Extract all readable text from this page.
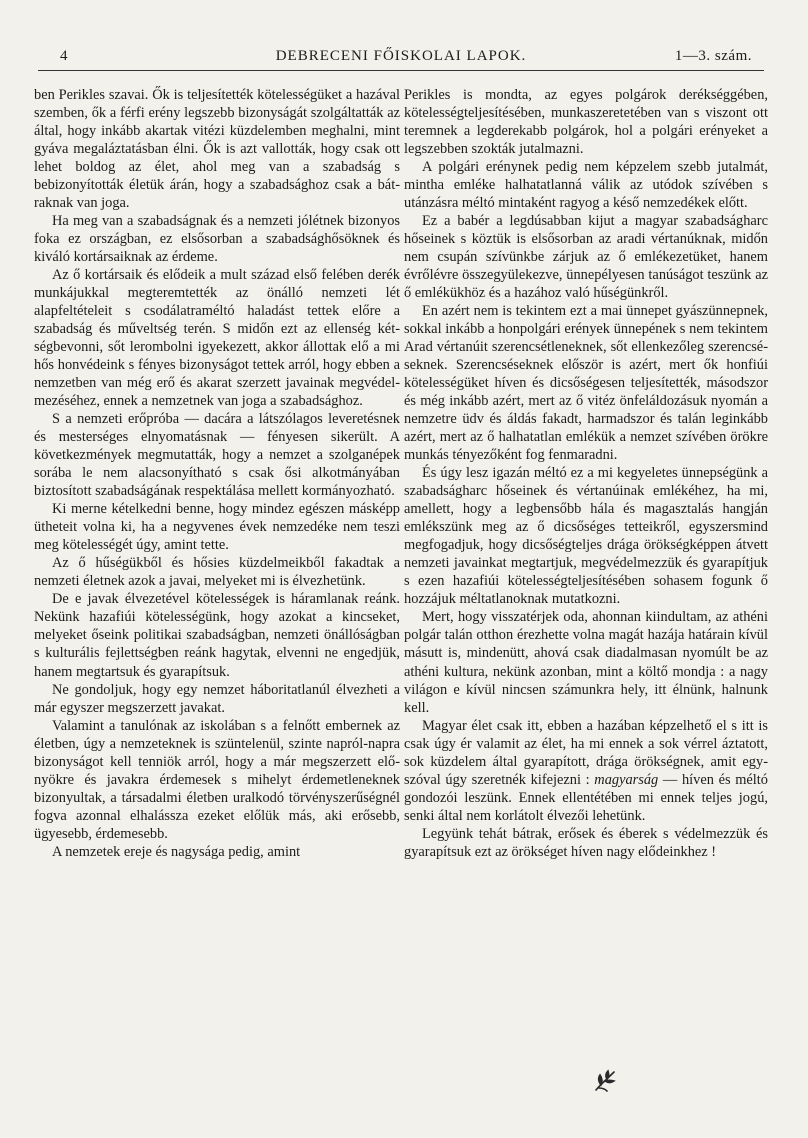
4	DEBRECENI FŐISKOLAI LAPOK.	1—3. szám.

ben Perikles szavai. Ők is teljesítették kötelességüket a hazával szemben, ők a férfi erény legszebb bizonyságát szolgáltatták az által, hogy inkább akartak vitézi küzdelemben meghalni, mint gyáva megaláztatásban élni. Ők is azt vallották, hogy csak ott lehet boldog az élet, ahol meg van a szabadság s bebizonyították életük árán, hogy a szabadsághoz csak a bátraknak van joga.

Ha meg van a szabadságnak és a nemzeti jólétnek bizonyos foka ez országban, ez elsősorban a szabadsághősöknek és kiváló kortársaiknak az érdeme.

Az ő kortársaik és elődeik a mult század első felében derék munkájukkal megteremtették az önálló nemzeti lét alapfeltételeit s csodálatraméltó haladást tettek előre a szabadság és műveltség terén. S midőn ezt az ellenség kétségbevonni, sőt lerombolni igyekezett, akkor állottak elő a mi hős honvédeink s fényes bizonyságot tettek arról, hogy ebben a nemzetben van még erő és akarat szerzett javainak megvédelmezéséhez, ennek a nemzetnek van joga a szabadsághoz.

S a nemzeti erőpróba — dacára a látszólagos leveretésnek és mesterséges elnyomatásnak — fényesen sikerült. A következmények megmutatták, hogy a nemzet a szolganépek sorába le nem alacsonyítható s csak ősi alkotmányában biztosított szabadságának respektálása mellett kormányozható.

Ki merne kételkedni benne, hogy mindez egészen másképp ütheteit volna ki, ha a negyvenes évek nemzedéke nem teszi meg kötelességét úgy, amint tette.

Az ő hűségükből és hősies küzdelmeikből fakadtak a nemzeti életnek azok a javai, melyeket mi is élvezhetünk.

De e javak élvezetével kötelességek is háramlanak reánk. Nekünk hazafiúi kötelességünk, hogy azokat a kincseket, melyeket őseink politikai szabadságban, nemzeti önállóságban s kulturális fejlettségben reánk hagytak, elvenni ne engedjük, hanem megtartsuk és gyarapítsuk.

Ne gondoljuk, hogy egy nemzet háboritatlanúl élvezheti a már egyszer megszerzett javakat.

Valamint a tanulónak az iskolában s a felnőtt embernek az életben, úgy a nemzeteknek is szüntelenül, szinte napról-napra bizonyságot kell tenniök arról, hogy a már megszerzett előnyökre és javakra érdemesek s mihelyt érdemetleneknek bizonyultak, a társadalmi életben uralkodó törvényszerűségnél fogva azonnal elhalássza ezeket előlük más, aki erősebb, ügyesebb, érdemesebb.

A nemzetek ereje és nagysága pedig, amint

Perikles is mondta, az egyes polgárok derékséggében, kötelességteljesítésében, munkaszeretetében van s viszont ott teremnek a legderekabb polgárok, hol a polgári erényeket a legszebben szokták jutalmazni.

A polgári erénynek pedig nem képzelem szebb jutalmát, mintha emléke halhatatlanná válik az utódok szívében s utánzásra méltó mintaként ragyog a késő nemzedékek előtt.

Ez a babér a legdúsabban kijut a magyar szabadságharc hőseinek s köztük is elsősorban az aradi vértanúknak, midőn nem csupán szívünkbe zárjuk az ő emlékezetüket, hanem évrőlévre összegyülekezve, ünnepélyesen tanúságot teszünk az ő emlékükhöz és a hazához való hűségünkről.

En azért nem is tekintem ezt a mai ünnepet gyászünnepnek, sokkal inkább a honpolgári erények ünnepének s nem tekintem Arad vértanúit szerencsétleneknek, sőt ellenkezőleg szerencséseknek. Szerencséseknek először is azért, mert ők honfiúi kötelességüket híven és dicsőségesen teljesítették, másodszor és még inkább azért, mert az ő vitéz önfeláldozásuk nyomán a nemzetre üdv és áldás fakadt, harmadszor és talán leginkább azért, mert az ő halhatatlan emlékük a nemzet szívében örökre munkás tényezőként fog fenmaradni.

És úgy lesz igazán méltó ez a mi kegyeletes ünnepségünk a szabadságharc hőseinek és vértanúinak emlékéhez, ha mi, amellett, hogy a legbensőbb hála és magasztalás hangján emlékszünk meg az ő dicsőséges tetteikről, egyszersmind megfogadjuk, hogy dicsőségteljes drága örökségképpen átvett nemzeti javainkat megtartjuk, megvédelmezzük és gyarapítjuk s ezen hazafiúi kötelességteljesítésében sohasem fogunk ő hozzájuk méltatlanoknak mutatkozni.

Mert, hogy visszatérjek oda, ahonnan kiindultam, az athéni polgár talán otthon érezhette volna magát hazája határain kívül másutt is, mindenütt, ahová csak diadalmasan nyomúlt be az athéni kultura, nekünk azonban, mint a költő mondja : a nagy világon e kívül nincsen számunkra hely, itt élnünk, halnunk kell.

Magyar élet csak itt, ebben a hazában képzelhető el s itt is csak úgy ér valamit az élet, ha mi ennek a sok vérrel áztatott, sok küzdelem által gyarapított, drága örökségnek, amit egyszóval úgy szeretnék kifejezni : magyarság — híven és méltó gondozói leszünk. Ennek ellentétében mi ennek teljes jogú, senki által nem korlátolt élvezői lehetünk.

Legyünk tehát bátrak, erősek és éberek s védelmezzük és gyarapítsuk ezt az örökséget híven nagy elődeinkhez !
